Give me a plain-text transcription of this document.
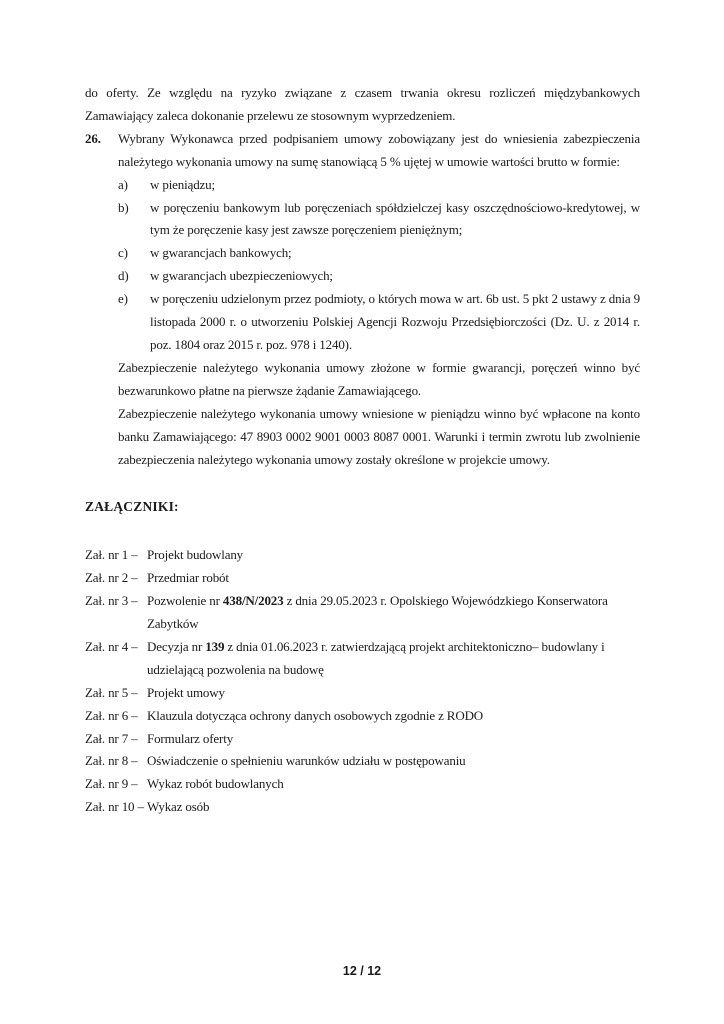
do oferty. Ze względu na ryzyko związane z czasem trwania okresu rozliczeń międzybankowych Zamawiający zaleca dokonanie przelewu ze stosownym wyprzedzeniem.

26.	Wybrany Wykonawca przed podpisaniem umowy zobowiązany jest do wniesienia zabezpieczenia należytego wykonania umowy na sumę stanowiącą 5 % ujętej w umowie wartości brutto w formie:

a)	w pieniądzu;

b)	w poręczeniu bankowym lub poręczeniach spółdzielczej kasy oszczędnościowo-kredytowej, w tym że poręczenie kasy jest zawsze poręczeniem pieniężnym;

c)	w gwarancjach bankowych;

d)	w gwarancjach ubezpieczeniowych;

e)	w poręczeniu udzielonym przez podmioty, o których mowa w art. 6b ust. 5 pkt 2 ustawy z dnia 9 listopada 2000 r. o utworzeniu Polskiej Agencji Rozwoju Przedsiębiorczości (Dz. U. z 2014 r. poz. 1804 oraz 2015 r. poz. 978 i 1240).

Zabezpieczenie należytego wykonania umowy złożone w formie gwarancji, poręczeń winno być bezwarunkowo płatne na pierwsze żądanie Zamawiającego.

Zabezpieczenie należytego wykonania umowy wniesione w pieniądzu winno być wpłacone na konto banku Zamawiającego: 47 8903 0002 9001 0003 8087 0001. Warunki i termin zwrotu lub zwolnienie zabezpieczenia należytego wykonania umowy zostały określone w projekcie umowy.

ZAŁĄCZNIKI:
Zał. nr 1 – Projekt budowlany

Zał. nr 2 – Przedmiar robót

Zał. nr 3 – Pozwolenie nr 438/N/2023 z dnia 29.05.2023 r. Opolskiego Wojewódzkiego Konserwatora Zabytków

Zał. nr 4 – Decyzja nr 139 z dnia 01.06.2023 r. zatwierdzającą projekt architektoniczno– budowlany i udzielającą pozwolenia na budowę

Zał. nr 5 – Projekt umowy

Zał. nr 6 – Klauzula dotycząca ochrony danych osobowych zgodnie z RODO

Zał. nr 7 – Formularz oferty

Zał. nr 8 – Oświadczenie o spełnieniu warunków udziału w postępowaniu

Zał. nr 9 – Wykaz robót budowlanych

Zał. nr 10 – Wykaz osób

12 / 12
